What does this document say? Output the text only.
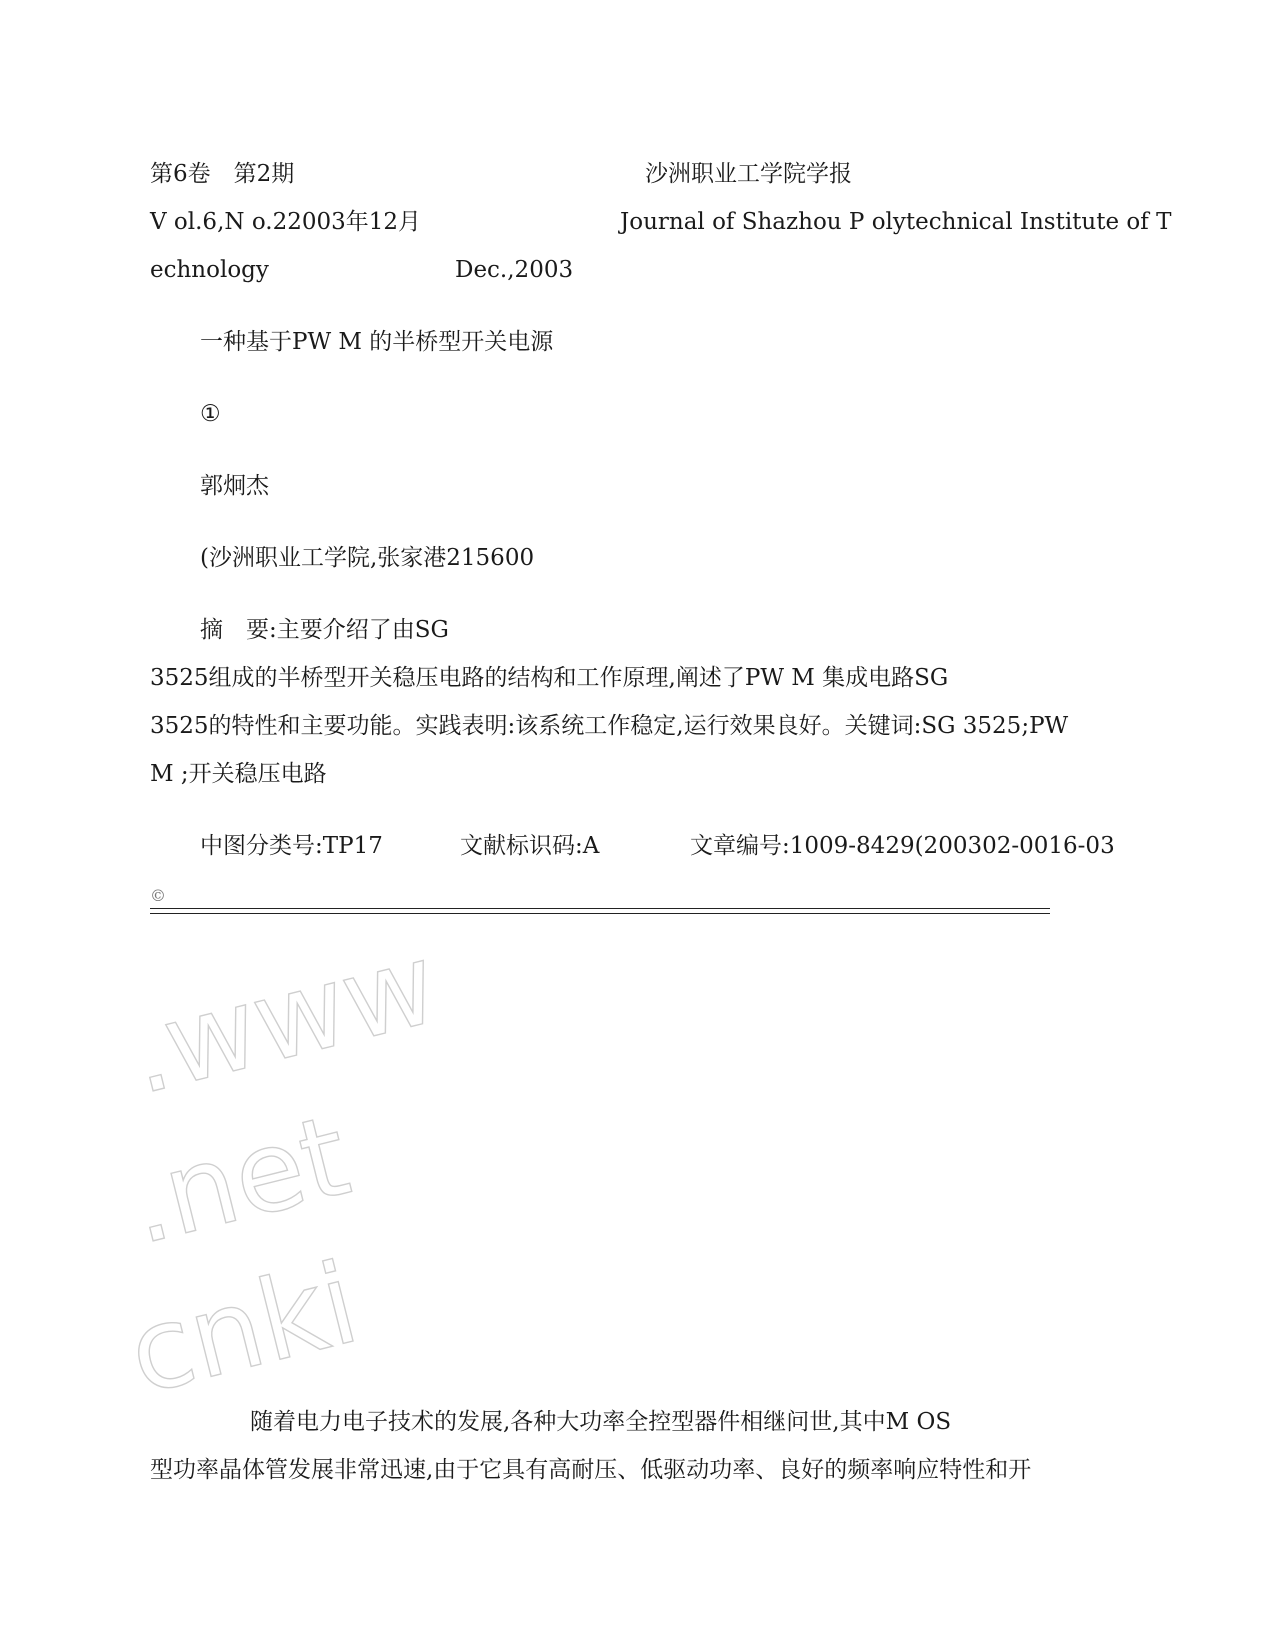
第6卷　第2期	沙洲职业工学院学报
V ol.6,N o.22003年12月	Journal of Shazhou P olytechnical Institute of T
echnology	Dec.,2003
一种基于PW M 的半桥型开关电源
①
郭炯杰
(沙洲职业工学院,张家港215600
摘　要:主要介绍了由SG
3525组成的半桥型开关稳压电路的结构和工作原理,阐述了PW M 集成电路SG
3525的特性和主要功能。实践表明:该系统工作稳定,运行效果良好。关键词:SG 3525;PW
M ;开关稳压电路
中图分类号:TP17	文献标识码:A	文章编号:1009-8429(200302-0016-03
©
.www
.net
cnki
随着电力电子技术的发展,各种大功率全控型器件相继问世,其中M OS
型功率晶体管发展非常迅速,由于它具有高耐压、低驱动功率、良好的频率响应特性和开
